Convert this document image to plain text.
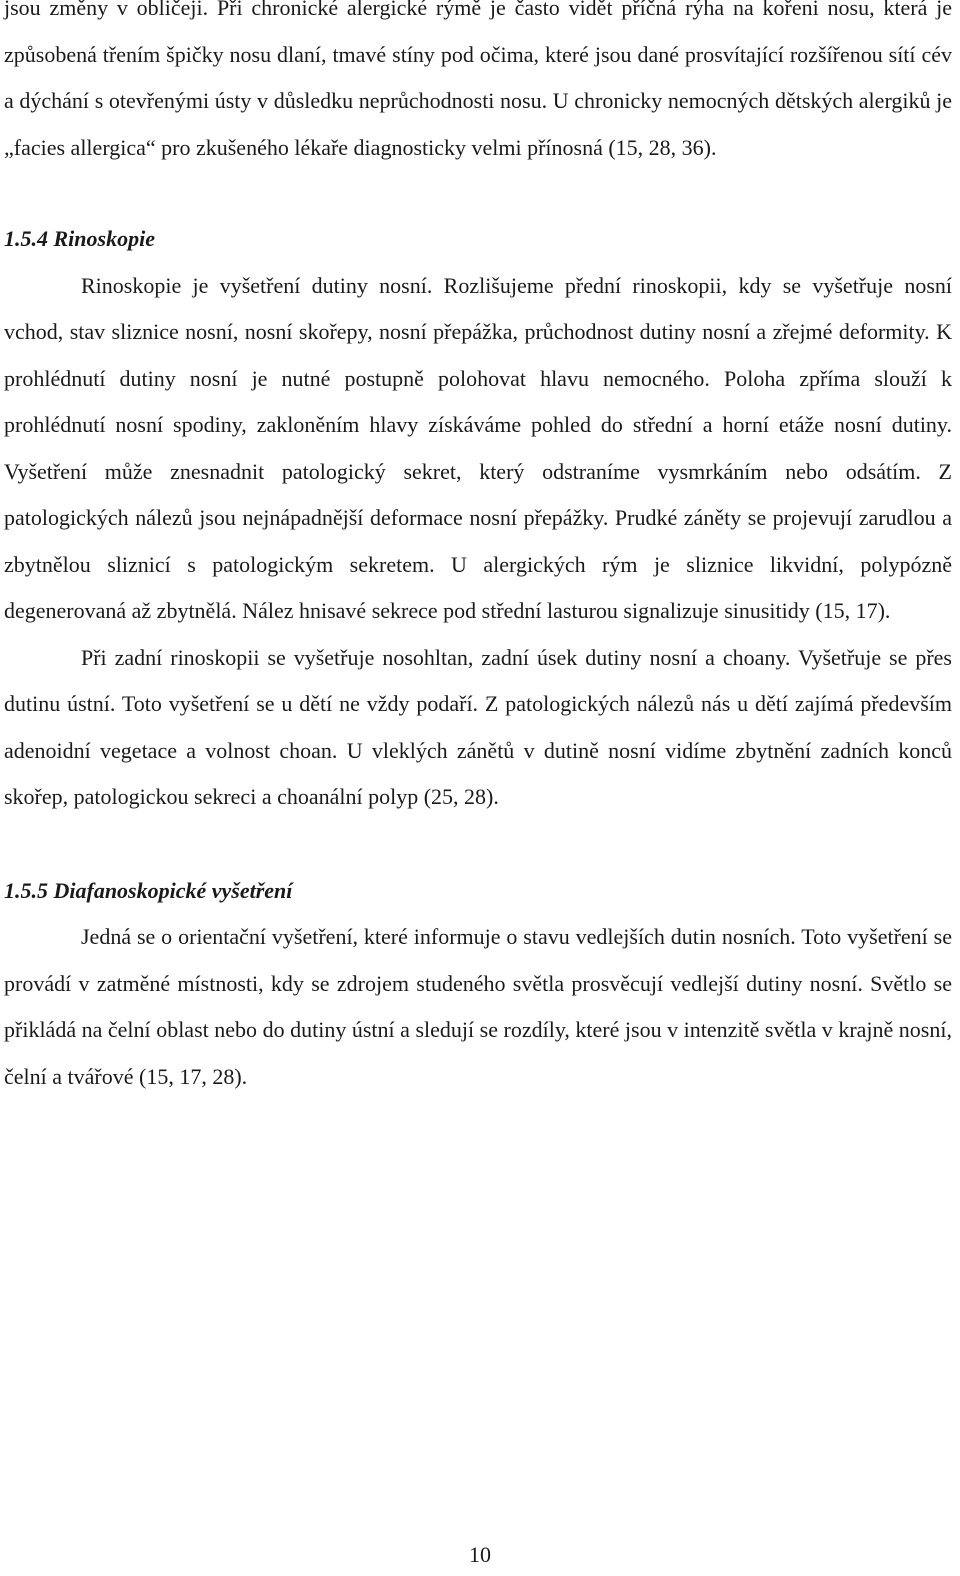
jsou změny v obličeji. Při chronické alergické rýmě je často vidět příčná rýha na kořeni nosu, která je způsobená třením špičky nosu dlaní, tmavé stíny pod očima, které jsou dané prosvítající rozšířenou sítí cév a dýchání s otevřenými ústy v důsledku neprůchodnosti nosu. U chronicky nemocných dětských alergiků je „facies allergica“ pro zkušeného lékaře diagnosticky velmi přínosná (15, 28, 36).

1.5.4 Rinoskopie

Rinoskopie je vyšetření dutiny nosní. Rozlišujeme přední rinoskopii, kdy se vyšetřuje nosní vchod, stav sliznice nosní, nosní skořepy, nosní přepážka, průchodnost dutiny nosní a zřejmé deformity. K prohlédnutí dutiny nosní je nutné postupně polohovat hlavu nemocného. Poloha zpříma slouží k prohlédnutí nosní spodiny, zakloněním hlavy získáváme pohled do střední a horní etáže nosní dutiny. Vyšetření může znesnadnit patologický sekret, který odstraníme vysmrkáním nebo odsátím. Z patologických nálezů jsou nejnápadnější deformace nosní přepážky. Prudké záněty se projevují zarudlou a zbytnělou sliznicí s patologickým sekretem. U alergických rým je sliznice likvidní, polypózně degenerovaná až zbytnělá. Nález hnisavé sekrece pod střední lasturou signalizuje sinusitidy (15, 17).

Při zadní rinoskopii se vyšetřuje nosohltan, zadní úsek dutiny nosní a choany. Vyšetřuje se přes dutinu ústní. Toto vyšetření se u dětí ne vždy podaří. Z patologických nálezů nás u dětí zajímá především adenoidní vegetace a volnost choan. U vleklých zánětů v dutině nosní vidíme zbytnění zadních konců skořep, patologickou sekreci a choanální polyp (25, 28).

1.5.5 Diafanoskopické vyšetření

Jedná se o orientační vyšetření, které informuje o stavu vedlejších dutin nosních. Toto vyšetření se provádí v zatměné místnosti, kdy se zdrojem studeného světla prosvěcují vedlejší dutiny nosní. Světlo se přikládá na čelní oblast nebo do dutiny ústní a sledují se rozdíly, které jsou v intenzitě světla v krajně nosní, čelní a tvářové (15, 17, 28).

10
